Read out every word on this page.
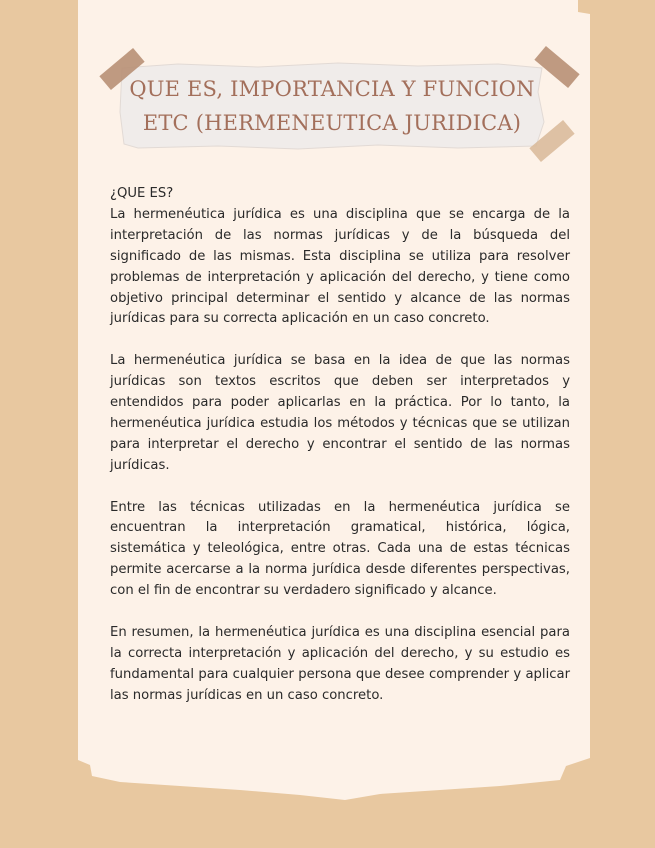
QUE ES, IMPORTANCIA Y FUNCION
ETC (HERMENEUTICA JURIDICA)

¿QUE ES?

La hermenéutica jurídica es una disciplina que se encarga de la interpretación de las normas jurídicas y de la búsqueda del significado de las mismas. Esta disciplina se utiliza para resolver problemas de interpretación y aplicación del derecho, y tiene como objetivo principal determinar el sentido y alcance de las normas jurídicas para su correcta aplicación en un caso concreto.

La hermenéutica jurídica se basa en la idea de que las normas jurídicas son textos escritos que deben ser interpretados y entendidos para poder aplicarlas en la práctica. Por lo tanto, la hermenéutica jurídica estudia los métodos y técnicas que se utilizan para interpretar el derecho y encontrar el sentido de las normas jurídicas.

Entre las técnicas utilizadas en la hermenéutica jurídica se encuentran la interpretación gramatical, histórica, lógica, sistemática y teleológica, entre otras. Cada una de estas técnicas permite acercarse a la norma jurídica desde diferentes perspectivas, con el fin de encontrar su verdadero significado y alcance.

En resumen, la hermenéutica jurídica es una disciplina esencial para la correcta interpretación y aplicación del derecho, y su estudio es fundamental para cualquier persona que desee comprender y aplicar las normas jurídicas en un caso concreto.
